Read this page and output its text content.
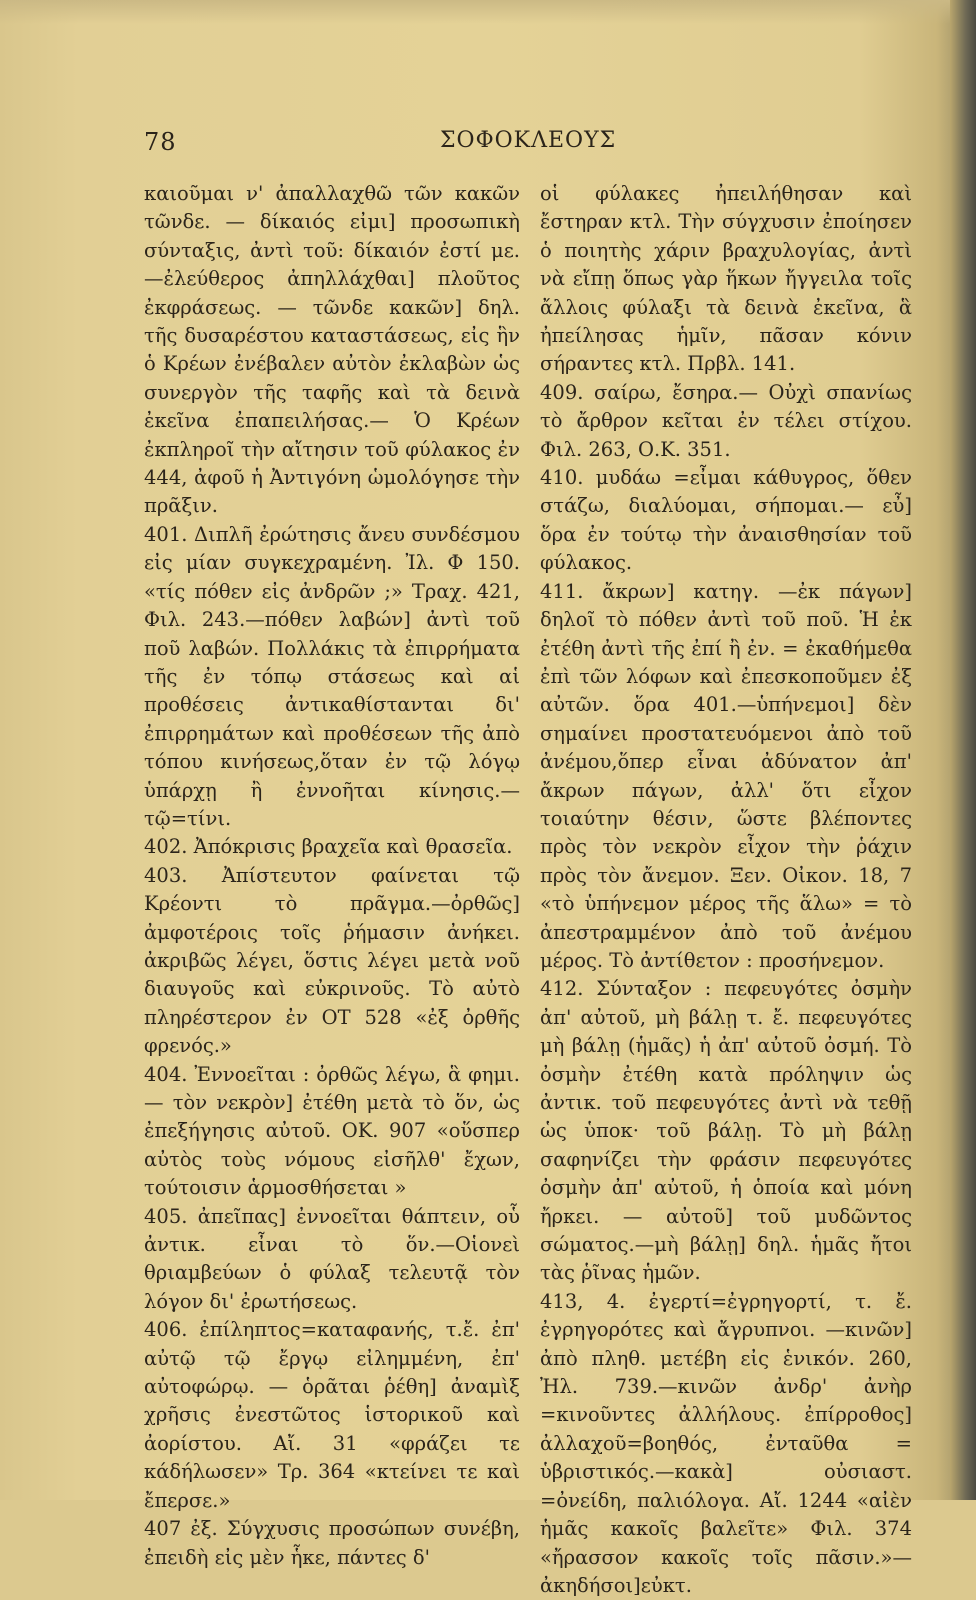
78	ΣΟΦΟΚΛΕΟΥΣ

καιοῦμαι ν' ἀπαλλαχθῶ τῶν κακῶν τῶνδε. — δίκαιός εἰμι] προσωπικὴ σύνταξις, ἀντὶ τοῦ: δίκαιόν ἐστί με. —ἐλεύθερος ἀπηλλάχθαι] πλοῦτος ἐκφράσεως. — τῶνδε κακῶν] δηλ. τῆς δυσαρέστου καταστάσεως, εἰς ἣν ὁ Κρέων ἐνέβαλεν αὐτὸν ἐκλαβὼν ὡς συνεργὸν τῆς ταφῆς καὶ τὰ δεινὰ ἐκεῖνα ἐπαπειλήσας.— Ὁ Κρέων ἐκπληροῖ τὴν αἴτησιν τοῦ φύλακος ἐν 444, ἀφοῦ ἡ Ἀντιγόνη ὡμολόγησε τὴν πρᾶξιν.

401. Διπλῆ ἐρώτησις ἄνευ συνδέσμου εἰς μίαν συγκεχραμένη. Ἰλ. Φ 150. «τίς πόθεν εἰς ἀνδρῶν ;» Τραχ. 421, Φιλ. 243.—πόθεν λαβών] ἀντὶ τοῦ ποῦ λαβών. Πολλάκις τὰ ἐπιρρήματα τῆς ἐν τόπῳ στάσεως καὶ αἱ προθέσεις ἀντικαθίστανται δι' ἐπιρρημάτων καὶ προθέσεων τῆς ἀπὸ τόπου κινήσεως,ὅταν ἐν τῷ λόγῳ ὑπάρχῃ ἢ ἐννοῆται κίνησις.— τῷ=τίνι.

402. Ἀπόκρισις βραχεῖα καὶ θρασεῖα.

403. Ἀπίστευτον φαίνεται τῷ Κρέοντι τὸ πρᾶγμα.—ὀρθῶς] ἀμφοτέροις τοῖς ῥήμασιν ἀνήκει. ἀκριβῶς λέγει, ὅστις λέγει μετὰ νοῦ διαυγοῦς καὶ εὐκρινοῦς. Τὸ αὐτὸ πληρέστερον ἐν ΟΤ 528 «ἐξ ὀρθῆς φρενός.»

404. Ἐννοεῖται : ὀρθῶς λέγω, ἃ φημι. — τὸν νεκρὸν] ἐτέθη μετὰ τὸ ὅν, ὡς ἐπεξήγησις αὐτοῦ. ΟΚ. 907 «οὕσπερ αὐτὸς τοὺς νόμους εἰσῆλθ' ἔχων, τούτοισιν ἁρμοσθήσεται »

405. ἀπεῖπας] ἐννοεῖται θάπτειν, οὗ ἀντικ. εἶναι τὸ ὅν.—Οἱονεὶ θριαμβεύων ὁ φύλαξ τελευτᾷ τὸν λόγον δι' ἐρωτήσεως.

406. ἐπίληπτος=καταφανής, τ.ἔ. ἐπ' αὐτῷ τῷ ἔργῳ εἰλημμένη, ἐπ' αὐτοφώρῳ. — ὁρᾶται ῥέθη] ἀναμὶξ χρῆσις ἐνεστῶτος ἱστορικοῦ καὶ ἀορίστου. Αἴ. 31 «φράζει τε κάδήλωσεν» Τρ. 364 «κτείνει τε καὶ ἔπερσε.»

407 ἐξ. Σύγχυσις προσώπων συνέβη, ἐπειδὴ εἰς μὲν ἧκε, πάντες δ'

οἱ φύλακες ἠπειλήθησαν καὶ ἔστηραν κτλ. Τὴν σύγχυσιν ἐποίησεν ὁ ποιητὴς χάριν βραχυλογίας, ἀντὶ νὰ εἴπῃ ὅπως γὰρ ἥκων ἤγγειλα τοῖς ἄλλοις φύλαξι τὰ δεινὰ ἐκεῖνα, ἃ ἠπείλησας ἡμῖν, πᾶσαν κόνιν σήραντες κτλ. Πρβλ. 141.

409. σαίρω, ἔσηρα.— Οὐχὶ σπανίως τὸ ἄρθρον κεῖται ἐν τέλει στίχου. Φιλ. 263, Ο.Κ. 351.

410. μυδάω =εἶμαι κάθυγρος, ὅθεν στάζω, διαλύομαι, σήπομαι.— εὖ] ὅρα ἐν τούτῳ τὴν ἀναισθησίαν τοῦ φύλακος.

411. ἄκρων] κατηγ. —ἐκ πάγων] δηλοῖ τὸ πόθεν ἀντὶ τοῦ ποῦ. Ἡ ἐκ ἐτέθη ἀντὶ τῆς ἐπί ἢ ἐν. = ἐκαθήμεθα ἐπὶ τῶν λόφων καὶ ἐπεσκοποῦμεν ἐξ αὐτῶν. ὅρα 401.—ὑπήνεμοι] δὲν σημαίνει προστατευόμενοι ἀπὸ τοῦ ἀνέμου,ὅπερ εἶναι ἀδύνατον ἀπ' ἄκρων πάγων, ἀλλ' ὅτι εἶχον τοιαύτην θέσιν, ὥστε βλέποντες πρὸς τὸν νεκρὸν εἶχον τὴν ῥάχιν πρὸς τὸν ἄνεμον. Ξεν. Οἰκον. 18, 7 «τὸ ὑπήνεμον μέρος τῆς ἅλω» = τὸ ἀπεστραμμένον ἀπὸ τοῦ ἀνέμου μέρος. Τὸ ἀντίθετον : προσήνεμον.

412. Σύνταξον : πεφευγότες ὀσμὴν ἀπ' αὐτοῦ, μὴ βάλῃ τ. ἔ. πεφευγότες μὴ βάλῃ (ἡμᾶς) ἡ ἀπ' αὐτοῦ ὀσμή. Τὸ ὀσμὴν ἐτέθη κατὰ πρόληψιν ὡς ἀντικ. τοῦ πεφευγότες ἀντὶ νὰ τεθῇ ὡς ὑποκ· τοῦ βάλῃ. Τὸ μὴ βάλῃ σαφηνίζει τὴν φράσιν πεφευγότες ὀσμὴν ἀπ' αὐτοῦ, ἡ ὁποία καὶ μόνη ἤρκει. — αὐτοῦ] τοῦ μυδῶντος σώματος.—μὴ βάλῃ] δηλ. ἡμᾶς ἤτοι τὰς ῥῖνας ἡμῶν.

413, 4. ἐγερτί=ἐγρηγορτί, τ. ἔ. ἐγρηγορότες καὶ ἄγρυπνοι. —κινῶν] ἀπὸ πληθ. μετέβη εἰς ἑνικόν. 260, Ἠλ. 739.—κινῶν ἀνδρ' ἀνὴρ =κινοῦντες ἀλλήλους. ἐπίρροθος] ἀλλαχοῦ=βοηθός, ἐνταῦθα = ὑβριστικός.—κακὰ] οὐσιαστ. =ὀνείδη, παλιόλογα. Αἴ. 1244 «αἰὲν ἡμᾶς κακοῖς βαλεῖτε» Φιλ. 374 «ἤρασσον κακοῖς τοῖς πᾶσιν.»—ἀκηδήσοι]εὐκτ.
